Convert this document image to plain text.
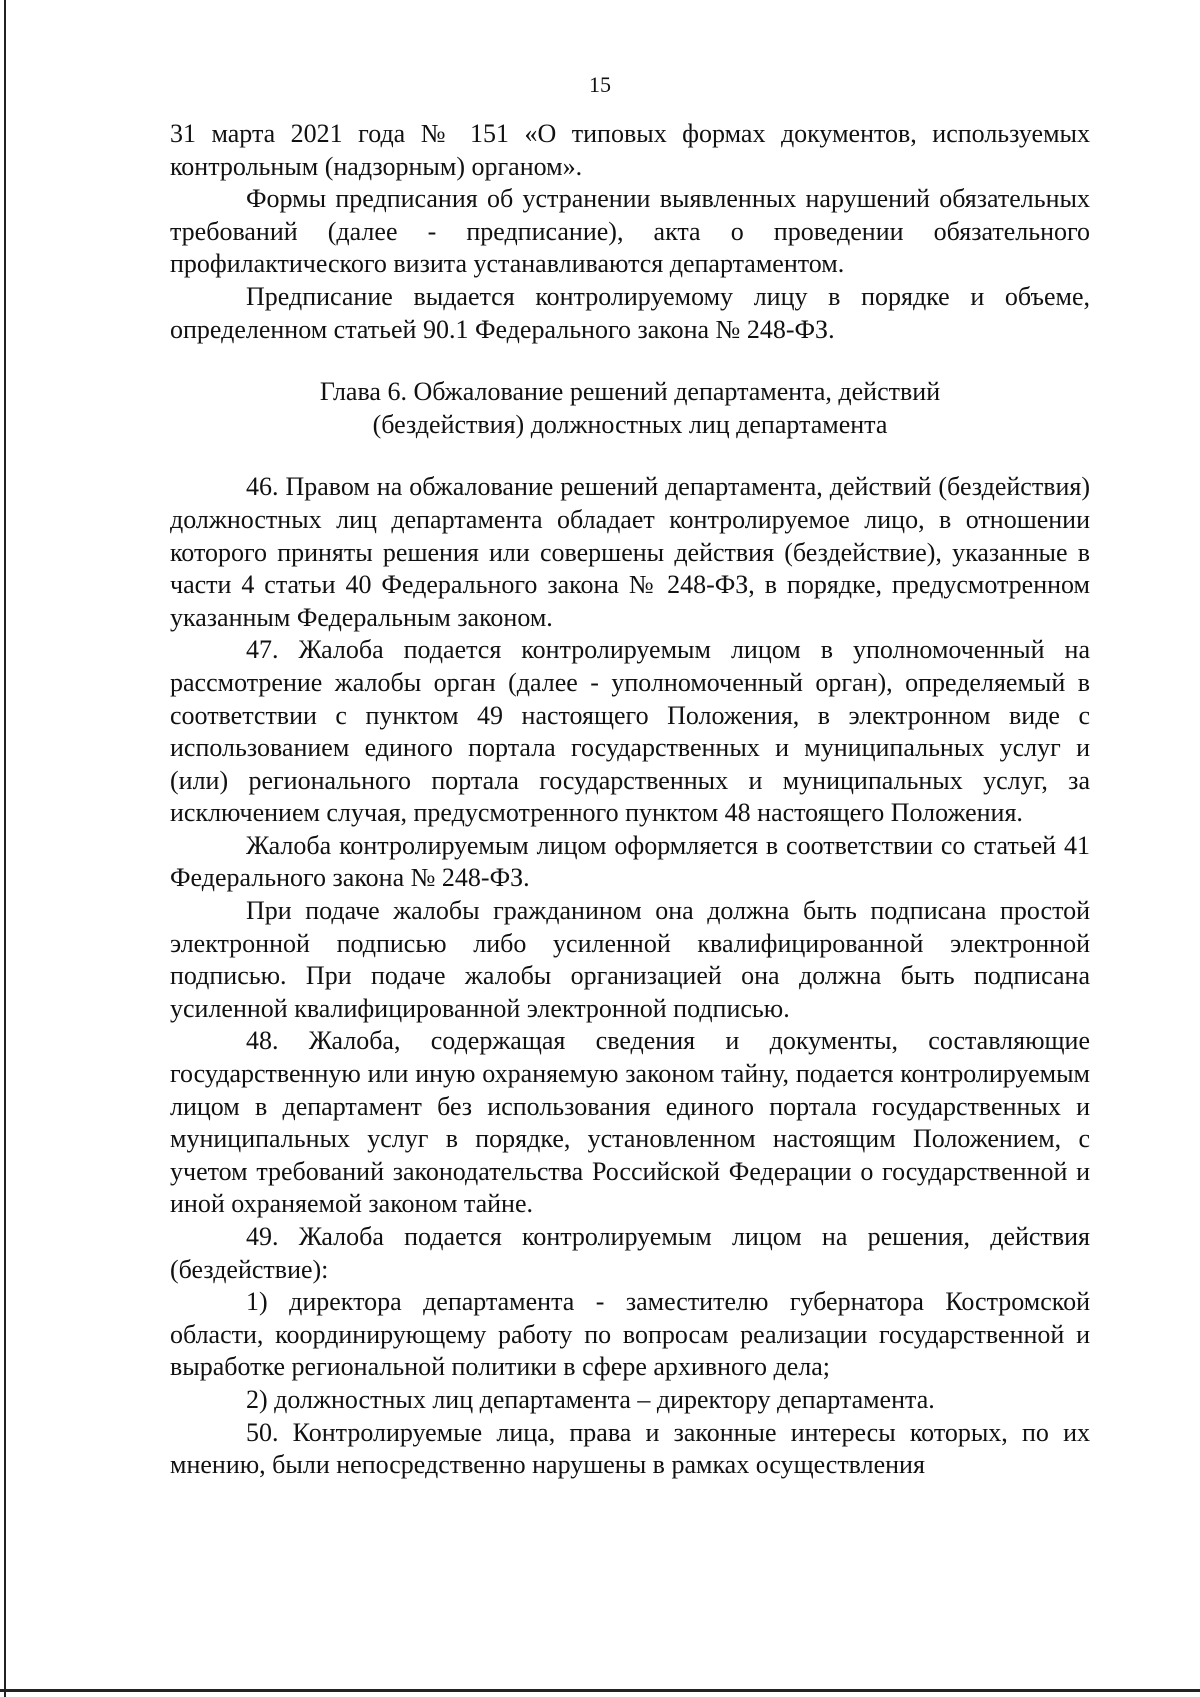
15

31 марта 2021 года № 151 «О типовых формах документов, используемых контрольным (надзорным) органом».

Формы предписания об устранении выявленных нарушений обязательных требований (далее - предписание), акта о проведении обязательного профилактического визита устанавливаются департаментом.

Предписание выдается контролируемому лицу в порядке и объеме, определенном статьей 90.1 Федерального закона № 248-ФЗ.

Глава 6. Обжалование решений департамента, действий
(бездействия) должностных лиц департамента

46. Правом на обжалование решений департамента, действий (бездействия) должностных лиц департамента обладает контролируемое лицо, в отношении которого приняты решения или совершены действия (бездействие), указанные в части 4 статьи 40 Федерального закона № 248-ФЗ, в порядке, предусмотренном указанным Федеральным законом.

47. Жалоба подается контролируемым лицом в уполномоченный на рассмотрение жалобы орган (далее - уполномоченный орган), определяемый в соответствии с пунктом 49 настоящего Положения, в электронном виде с использованием единого портала государственных и муниципальных услуг и (или) регионального портала государственных и муниципальных услуг, за исключением случая, предусмотренного пунктом 48 настоящего Положения.

Жалоба контролируемым лицом оформляется в соответствии со статьей 41 Федерального закона № 248-ФЗ.

При подаче жалобы гражданином она должна быть подписана простой электронной подписью либо усиленной квалифицированной электронной подписью. При подаче жалобы организацией она должна быть подписана усиленной квалифицированной электронной подписью.

48. Жалоба, содержащая сведения и документы, составляющие государственную или иную охраняемую законом тайну, подается контролируемым лицом в департамент без использования единого портала государственных и муниципальных услуг в порядке, установленном настоящим Положением, с учетом требований законодательства Российской Федерации о государственной и иной охраняемой законом тайне.

49. Жалоба подается контролируемым лицом на решения, действия (бездействие):

1) директора департамента - заместителю губернатора Костромской области, координирующему работу по вопросам реализации государственной и выработке региональной политики в сфере архивного дела;

2) должностных лиц департамента – директору департамента.

50. Контролируемые лица, права и законные интересы которых, по их мнению, были непосредственно нарушены в рамках осуществления
